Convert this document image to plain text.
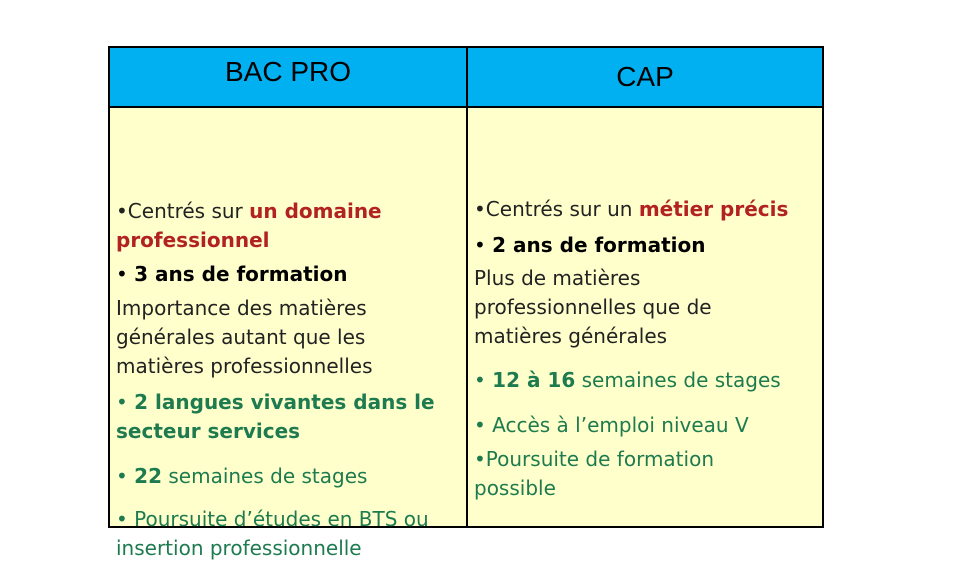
BAC PRO	CAP
•Centrés sur un domaine
professionnel
• 3 ans de formation
Importance des matières
générales autant que les
matières professionnelles
• 2 langues vivantes dans le
secteur services
• 22 semaines de stages
• Poursuite d’études en BTS ou
insertion professionnelle
•Centrés sur un métier précis
• 2 ans de formation
Plus de matières
professionnelles que de
matières générales
• 12 à 16 semaines de stages
• Accès à l’emploi niveau V
•Poursuite de formation
possible
